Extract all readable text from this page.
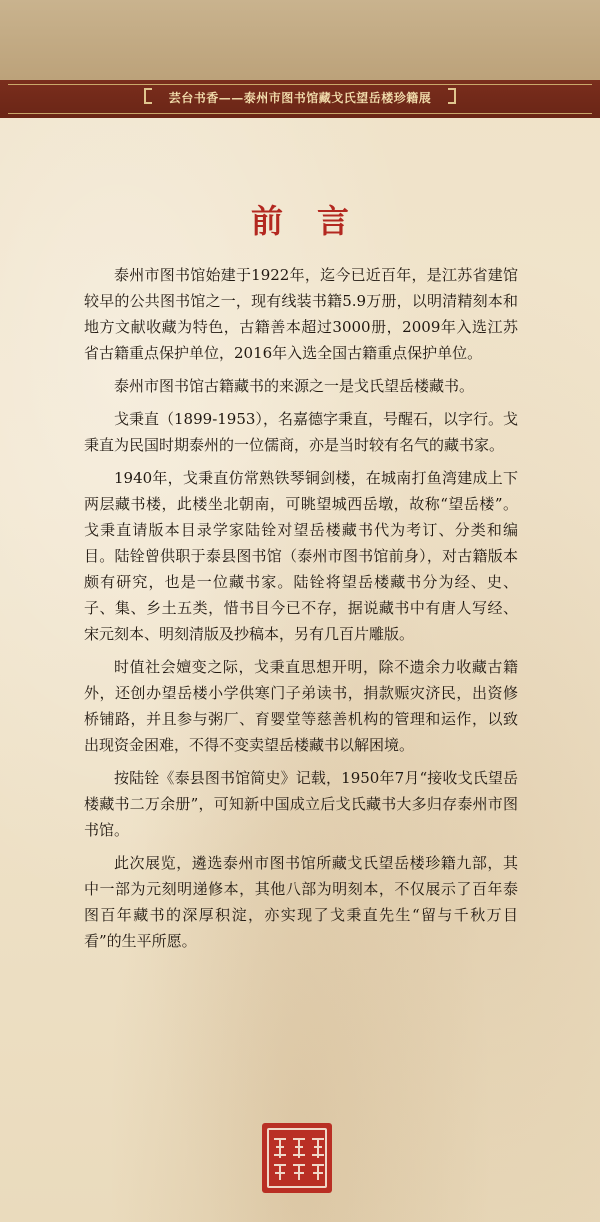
芸台书香——泰州市图书馆藏戈氏望岳楼珍籍展
前言

泰州市图书馆始建于1922年，迄今已近百年，是江苏省建馆较早的公共图书馆之一，现有线装书籍5.9万册，以明清精刻本和地方文献收藏为特色，古籍善本超过3000册，2009年入选江苏省古籍重点保护单位，2016年入选全国古籍重点保护单位。

泰州市图书馆古籍藏书的来源之一是戈氏望岳楼藏书。

戈秉直（1899-1953），名嘉德字秉直，号醒石，以字行。戈秉直为民国时期泰州的一位儒商，亦是当时较有名气的藏书家。

1940年，戈秉直仿常熟铁琴铜剑楼，在城南打鱼湾建成上下两层藏书楼，此楼坐北朝南，可眺望城西岳墩，故称“望岳楼”。戈秉直请版本目录学家陆铨对望岳楼藏书代为考订、分类和编目。陆铨曾供职于泰县图书馆（泰州市图书馆前身），对古籍版本颇有研究，也是一位藏书家。陆铨将望岳楼藏书分为经、史、子、集、乡土五类，惜书目今已不存，据说藏书中有唐人写经、宋元刻本、明刻清版及抄稿本，另有几百片雕版。

时值社会嬗变之际，戈秉直思想开明，除不遗余力收藏古籍外，还创办望岳楼小学供寒门子弟读书，捐款赈灾济民，出资修桥铺路，并且参与粥厂、育婴堂等慈善机构的管理和运作，以致出现资金困难，不得不变卖望岳楼藏书以解困境。

按陆铨《泰县图书馆简史》记载，1950年7月“接收戈氏望岳楼藏书二万余册”，可知新中国成立后戈氏藏书大多归存泰州市图书馆。

此次展览，遴选泰州市图书馆所藏戈氏望岳楼珍籍九部，其中一部为元刻明递修本，其他八部为明刻本，不仅展示了百年泰图百年藏书的深厚积淀，亦实现了戈秉直先生“留与千秋万目看”的生平所愿。
